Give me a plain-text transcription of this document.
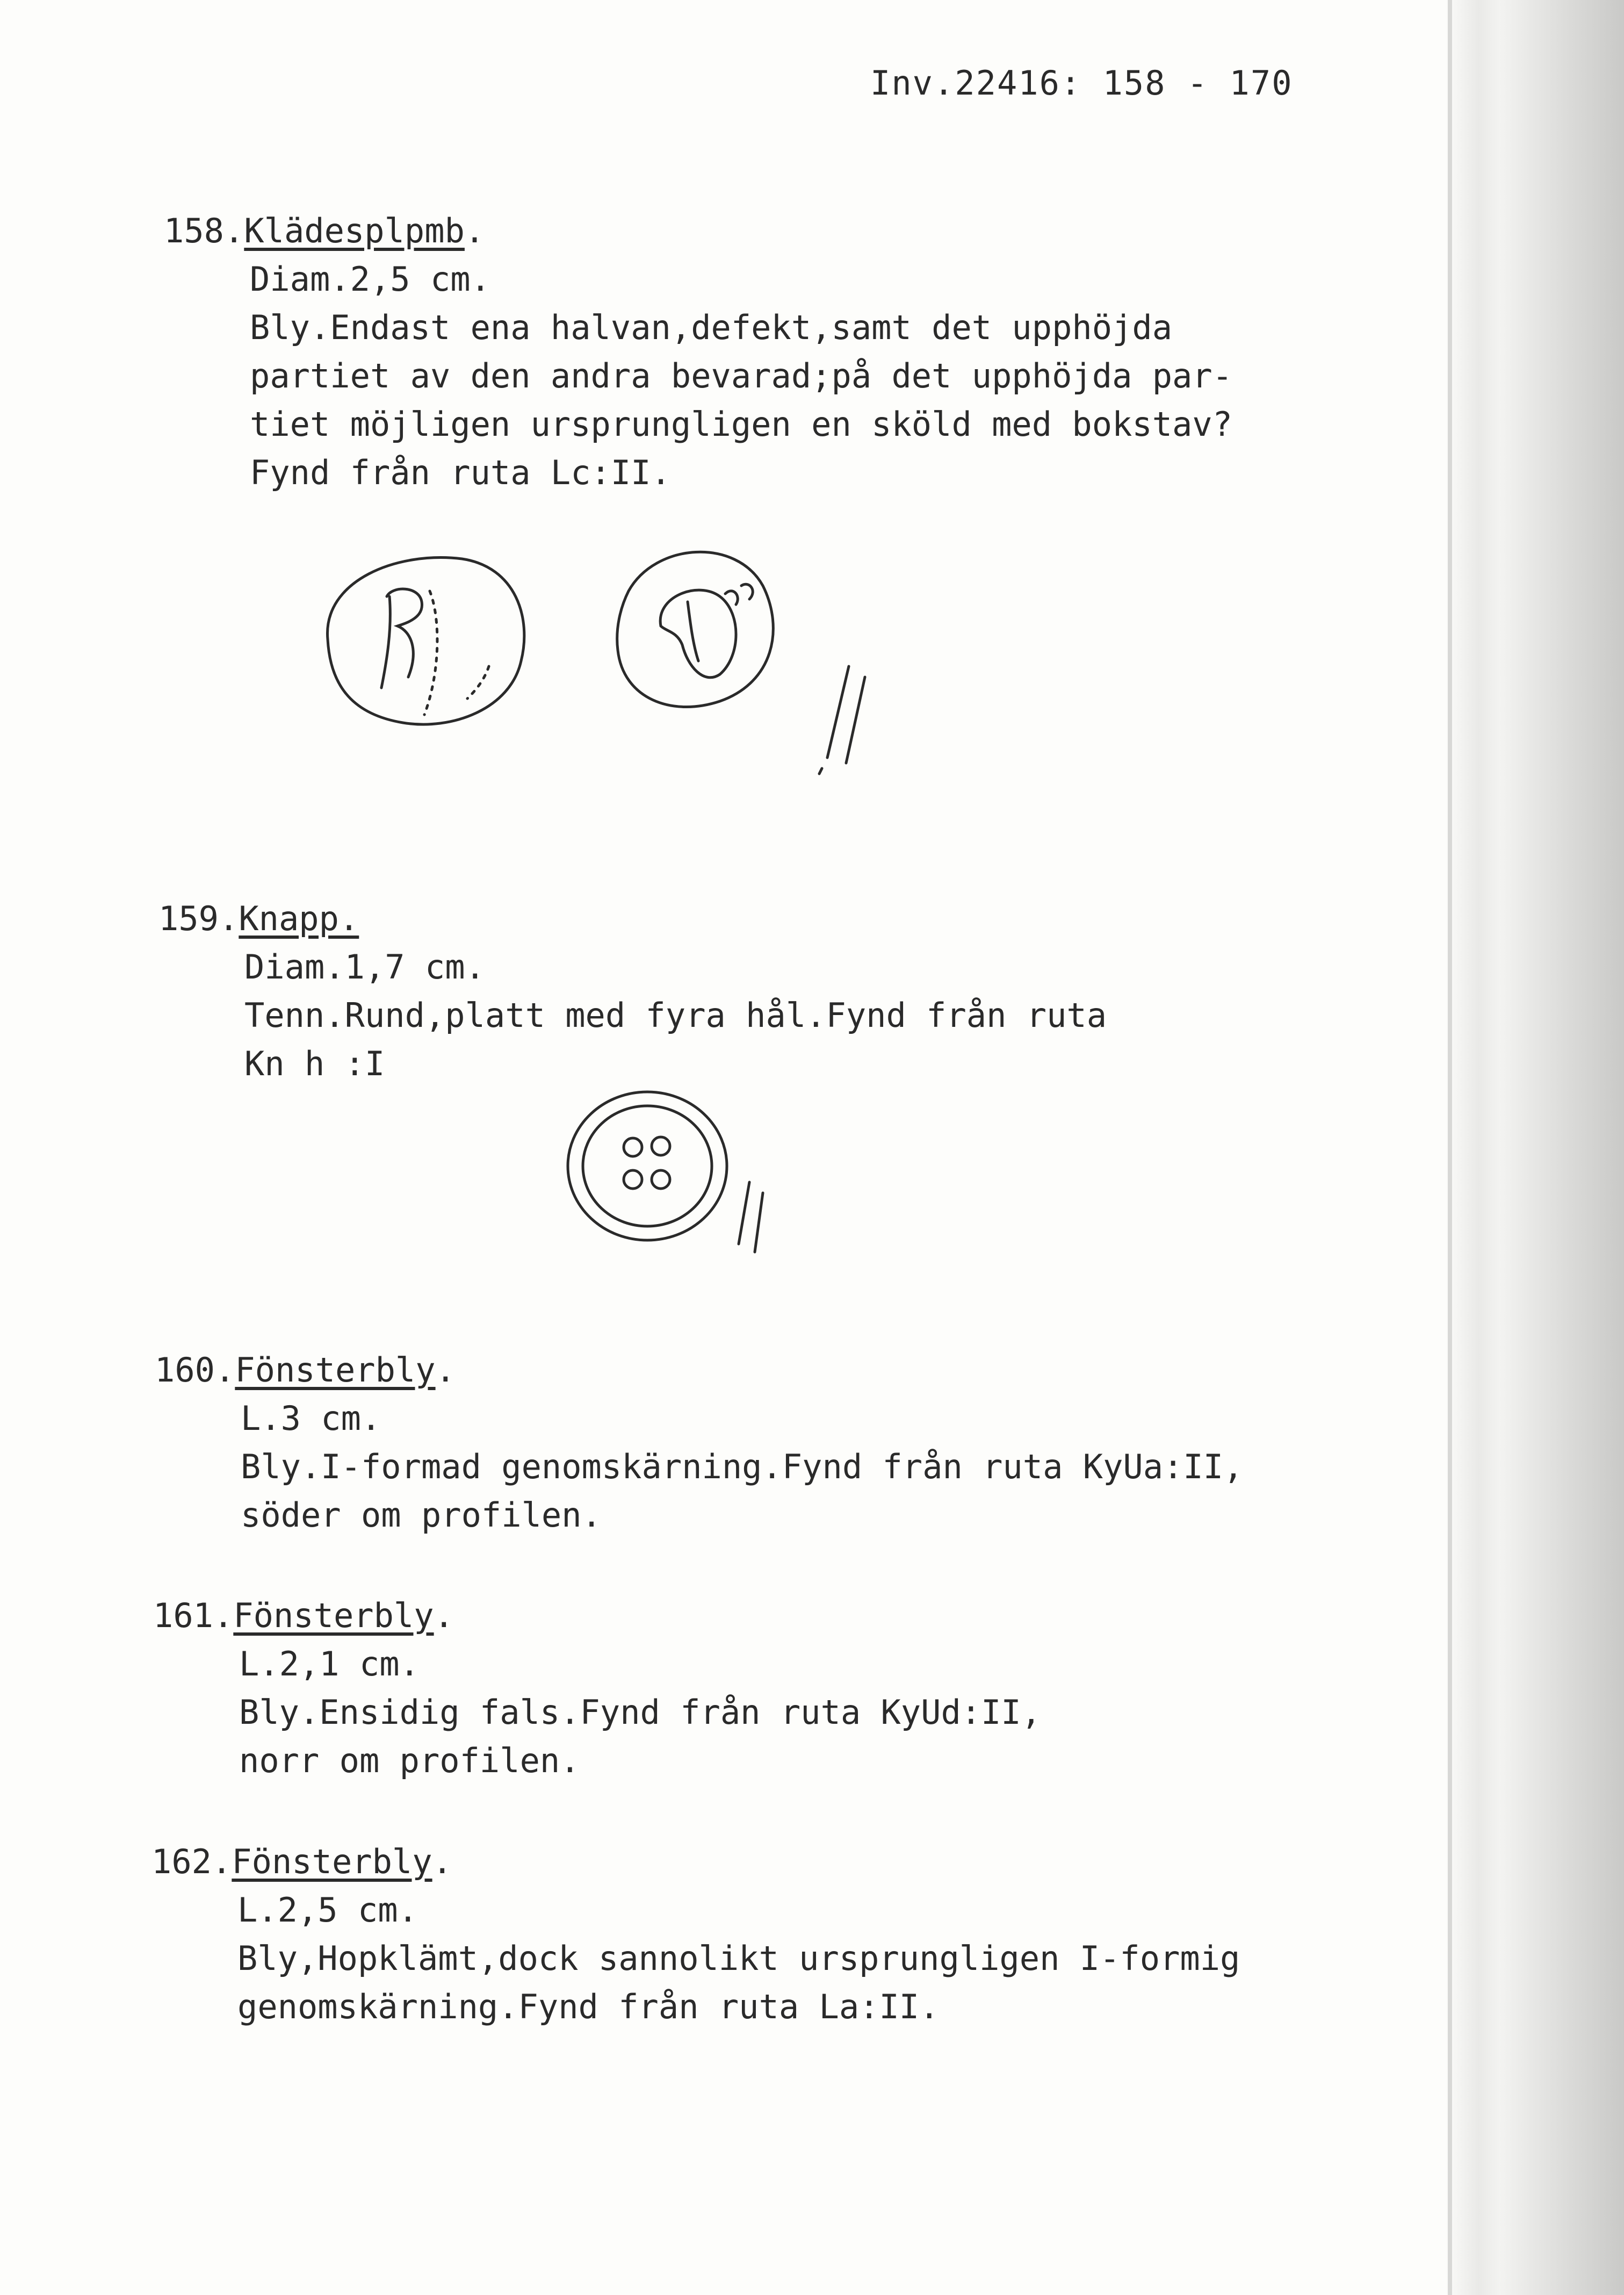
Inv.22416: 158 - 170
158.Klädesplpmb.
Diam.2,5 cm.
Bly.Endast ena halvan,defekt,samt det upphöjda
partiet av den andra bevarad;på det upphöjda par-
tiet möjligen ursprungligen en sköld med bokstav?
Fynd från ruta Lc:II.
159.Knapp.
Diam.1,7 cm.
Tenn.Rund,platt med fyra hål.Fynd från ruta
Kn h :I
160.Fönsterbly.
L.3 cm.
Bly.I-formad genomskärning.Fynd från ruta KyUa:II,
söder om profilen.
161.Fönsterbly.
L.2,1 cm.
Bly.Ensidig fals.Fynd från ruta KyUd:II,
norr om profilen.
162.Fönsterbly.
L.2,5 cm.
Bly,Hopklämt,dock sannolikt ursprungligen I-formig
genomskärning.Fynd från ruta La:II.
